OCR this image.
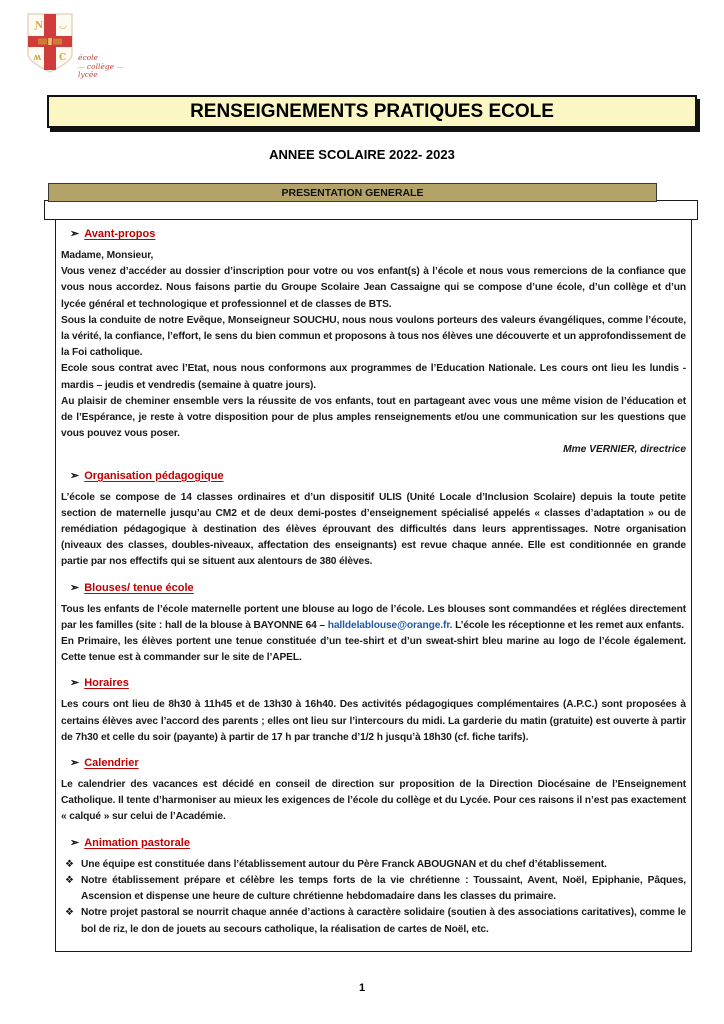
Ɲ ◡
ʍ C école
— collège —
lycée
RENSEIGNEMENTS PRATIQUES ECOLE
ANNEE SCOLAIRE 2022- 2023
PRESENTATION GENERALE
➢ Avant-propos

Madame, Monsieur,

Vous venez d’accéder au dossier d’inscription pour votre ou vos enfant(s) à l’école et nous vous remercions de la confiance que vous nous accordez. Nous faisons partie du Groupe Scolaire Jean Cassaigne qui se compose d’une école, d’un collège et d’un lycée général et technologique et professionnel et de classes de BTS.

Sous la conduite de notre Evêque, Monseigneur SOUCHU, nous nous voulons porteurs des valeurs évangéliques, comme l’écoute, la vérité, la confiance, l’effort, le sens du bien commun et proposons à tous nos élèves une découverte et un approfondissement de la Foi catholique.

Ecole sous contrat avec l’Etat, nous nous conformons aux programmes de l’Education Nationale. Les cours ont lieu les lundis - mardis – jeudis et vendredis (semaine à quatre jours).

Au plaisir de cheminer ensemble vers la réussite de vos enfants, tout en partageant avec vous une même vision de l’éducation et de l’Espérance, je reste à votre disposition pour de plus amples renseignements et/ou une communication sur les questions que vous pouvez vous poser.

Mme VERNIER, directrice
➢ Organisation pédagogique

L’école se compose de 14 classes ordinaires et d’un dispositif ULIS (Unité Locale d’Inclusion Scolaire) depuis la toute petite section de maternelle jusqu’au CM2 et de deux demi-postes d’enseignement spécialisé appelés « classes d’adaptation » ou de remédiation pédagogique à destination des élèves éprouvant des difficultés dans leurs apprentissages. Notre organisation (niveaux des classes, doubles-niveaux, affectation des enseignants) est revue chaque année. Elle est conditionnée en grande partie par nos effectifs qui se situent aux alentours de 380 élèves.

➢ Blouses/ tenue école

Tous les enfants de l’école maternelle portent une blouse au logo de l’école. Les blouses sont commandées et réglées directement par les familles (site : hall de la blouse à BAYONNE 64 – halldelablouse@orange.fr. L’école les réceptionne et les remet aux enfants.

En Primaire, les élèves portent une tenue constituée d’un tee-shirt et d’un sweat-shirt bleu marine au logo de l’école également. Cette tenue est à commander sur le site de l’APEL.

➢ Horaires

Les cours ont lieu de 8h30 à 11h45 et de 13h30 à 16h40. Des activités pédagogiques complémentaires (A.P.C.) sont proposées à certains élèves avec l’accord des parents ; elles ont lieu sur l’intercours du midi. La garderie du matin (gratuite) est ouverte à partir de 7h30 et celle du soir (payante) à partir de 17 h par tranche d’1/2 h jusqu’à 18h30 (cf. fiche tarifs).

➢ Calendrier

Le calendrier des vacances est décidé en conseil de direction sur proposition de la Direction Diocésaine de l’Enseignement Catholique. Il tente d’harmoniser au mieux les exigences de l’école du collège et du Lycée. Pour ces raisons il n’est pas exactement « calqué » sur celui de l’Académie.

➢ Animation pastorale
❖ Une équipe est constituée dans l’établissement autour du Père Franck ABOUGNAN et du chef d’établissement.
❖ Notre établissement prépare et célèbre les temps forts de la vie chrétienne : Toussaint, Avent, Noël, Epiphanie, Pâques, Ascension et dispense une heure de culture chrétienne hebdomadaire dans les classes du primaire.
❖ Notre projet pastoral se nourrit chaque année d’actions à caractère solidaire (soutien à des associations caritatives), comme le bol de riz, le don de jouets au secours catholique, la réalisation de cartes de Noël, etc.
1
